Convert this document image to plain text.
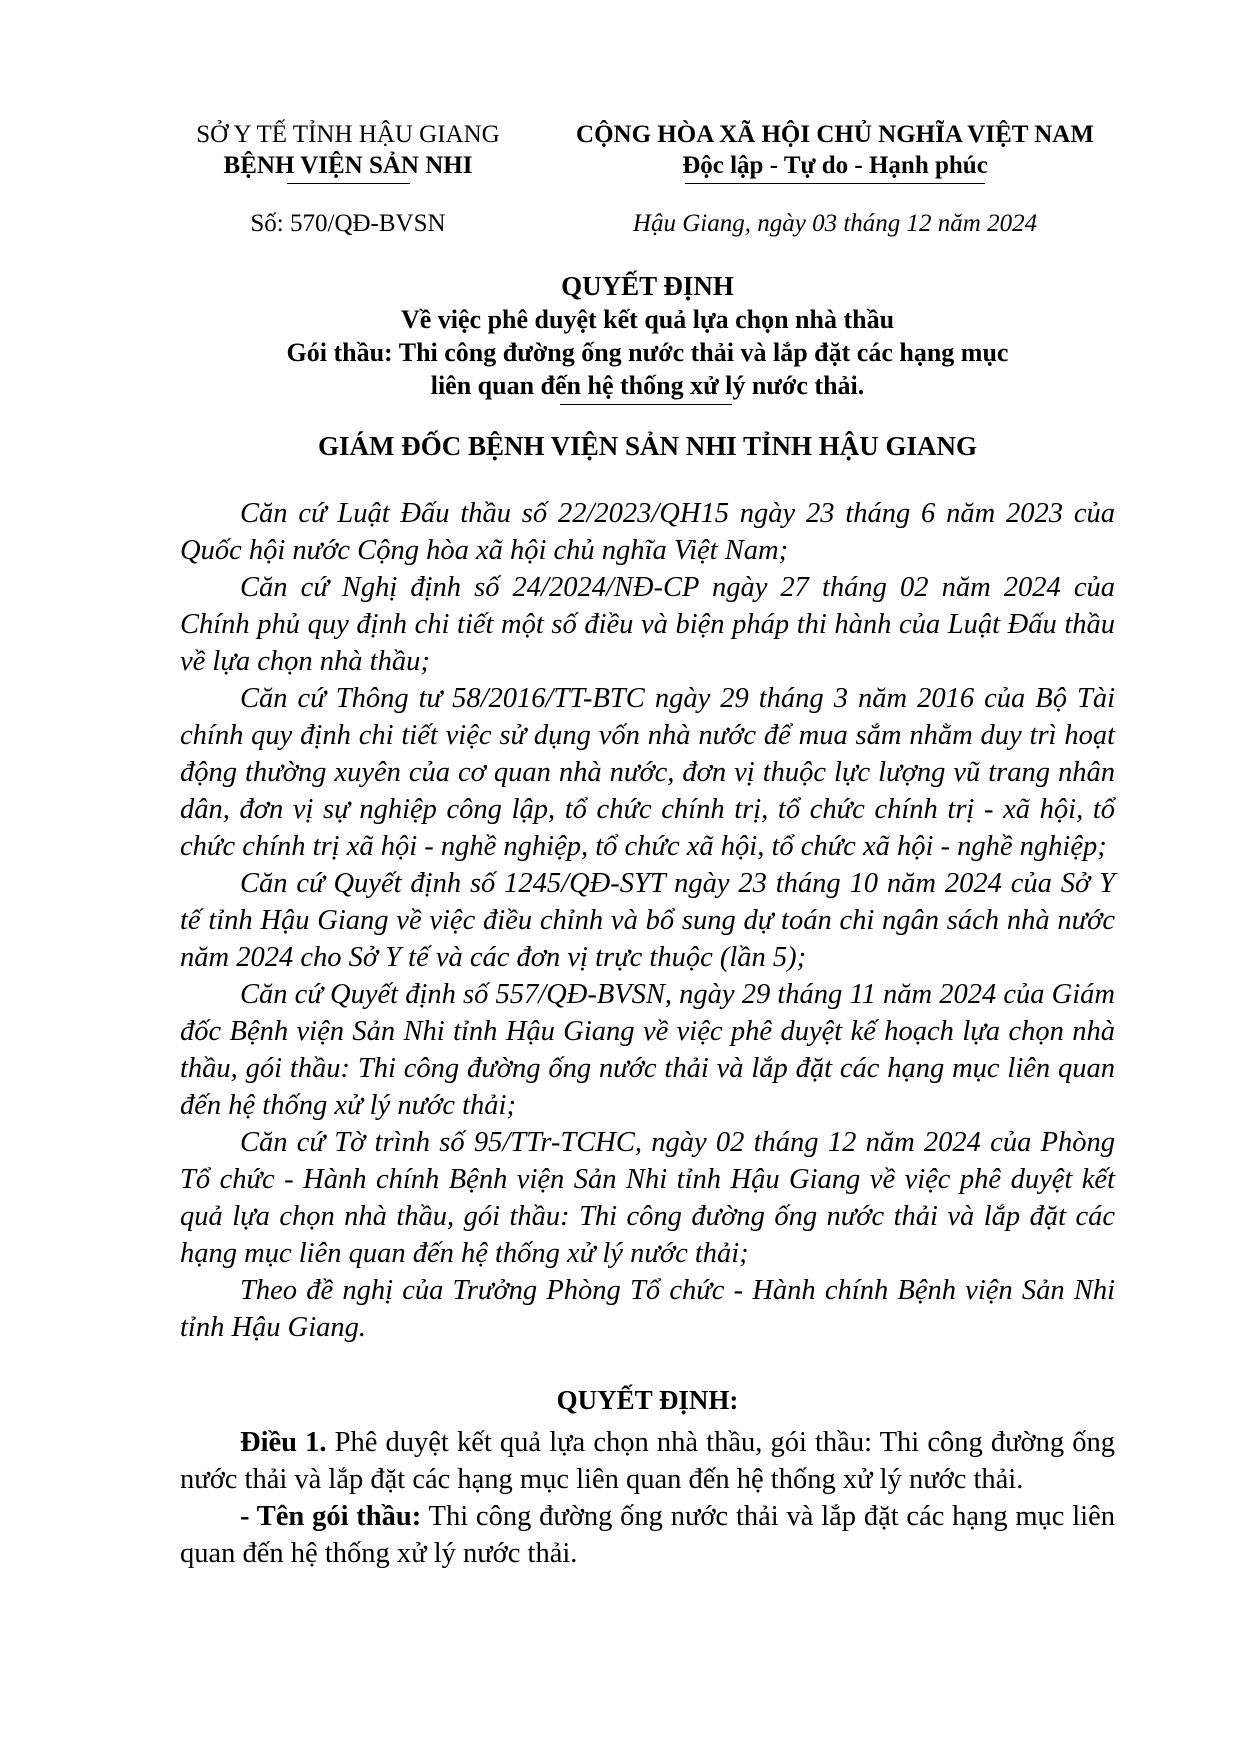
SỞ Y TẾ TỈNH HẬU GIANG
BỆNH VIỆN SẢN NHI
Số: 570/QĐ-BVSN
CỘNG HÒA XÃ HỘI CHỦ NGHĨA VIỆT NAM
Độc lập - Tự do - Hạnh phúc
Hậu Giang, ngày 03 tháng 12 năm 2024
QUYẾT ĐỊNH
Về việc phê duyệt kết quả lựa chọn nhà thầu
Gói thầu: Thi công đường ống nước thải và lắp đặt các hạng mục
liên quan đến hệ thống xử lý nước thải.
GIÁM ĐỐC BỆNH VIỆN SẢN NHI TỈNH HẬU GIANG

Căn cứ Luật Đấu thầu số 22/2023/QH15 ngày 23 tháng 6 năm 2023 của Quốc hội nước Cộng hòa xã hội chủ nghĩa Việt Nam;

Căn cứ Nghị định số 24/2024/NĐ-CP ngày 27 tháng 02 năm 2024 của Chính phủ quy định chi tiết một số điều và biện pháp thi hành của Luật Đấu thầu về lựa chọn nhà thầu;

Căn cứ Thông tư 58/2016/TT-BTC ngày 29 tháng 3 năm 2016 của Bộ Tài chính quy định chi tiết việc sử dụng vốn nhà nước để mua sắm nhằm duy trì hoạt động thường xuyên của cơ quan nhà nước, đơn vị thuộc lực lượng vũ trang nhân dân, đơn vị sự nghiệp công lập, tổ chức chính trị, tổ chức chính trị - xã hội, tổ chức chính trị xã hội - nghề nghiệp, tổ chức xã hội, tổ chức xã hội - nghề nghiệp;

Căn cứ Quyết định số 1245/QĐ-SYT ngày 23 tháng 10 năm 2024 của Sở Y tế tỉnh Hậu Giang về việc điều chỉnh và bổ sung dự toán chi ngân sách nhà nước năm 2024 cho Sở Y tế và các đơn vị trực thuộc (lần 5);

Căn cứ Quyết định số 557/QĐ-BVSN, ngày 29 tháng 11 năm 2024 của Giám đốc Bệnh viện Sản Nhi tỉnh Hậu Giang về việc phê duyệt kế hoạch lựa chọn nhà thầu, gói thầu: Thi công đường ống nước thải và lắp đặt các hạng mục liên quan đến hệ thống xử lý nước thải;

Căn cứ Tờ trình số 95/TTr-TCHC, ngày 02 tháng 12 năm 2024 của Phòng Tổ chức - Hành chính Bệnh viện Sản Nhi tỉnh Hậu Giang về việc phê duyệt kết quả lựa chọn nhà thầu, gói thầu: Thi công đường ống nước thải và lắp đặt các hạng mục liên quan đến hệ thống xử lý nước thải;

Theo đề nghị của Trưởng Phòng Tổ chức - Hành chính Bệnh viện Sản Nhi tỉnh Hậu Giang.

QUYẾT ĐỊNH:

Điều 1. Phê duyệt kết quả lựa chọn nhà thầu, gói thầu: Thi công đường ống nước thải và lắp đặt các hạng mục liên quan đến hệ thống xử lý nước thải.

- Tên gói thầu: Thi công đường ống nước thải và lắp đặt các hạng mục liên quan đến hệ thống xử lý nước thải.
